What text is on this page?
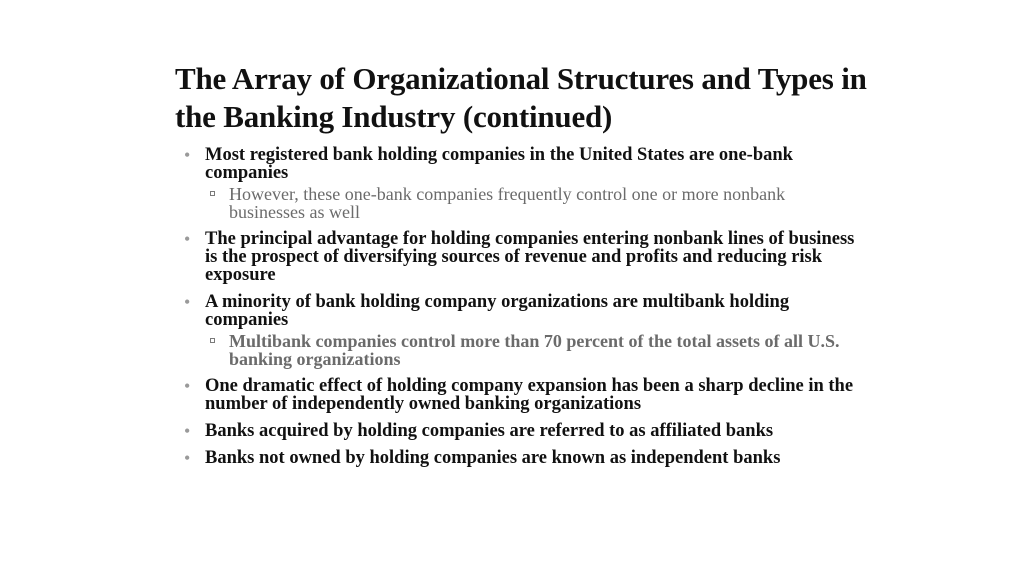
The Array of Organizational Structures and Types in the Banking Industry (continued)
• Most registered bank holding companies in the United States are one-bank companies
However, these one-bank companies frequently control one or more nonbank businesses as well
• The principal advantage for holding companies entering nonbank lines of business is the prospect of diversifying sources of revenue and profits and reducing risk exposure
• A minority of bank holding company organizations are multibank holding companies
Multibank companies control more than 70 percent of the total assets of all U.S. banking organizations
• One dramatic effect of holding company expansion has been a sharp decline in the number of independently owned banking organizations
• Banks acquired by holding companies are referred to as affiliated banks
• Banks not owned by holding companies are known as independent banks
